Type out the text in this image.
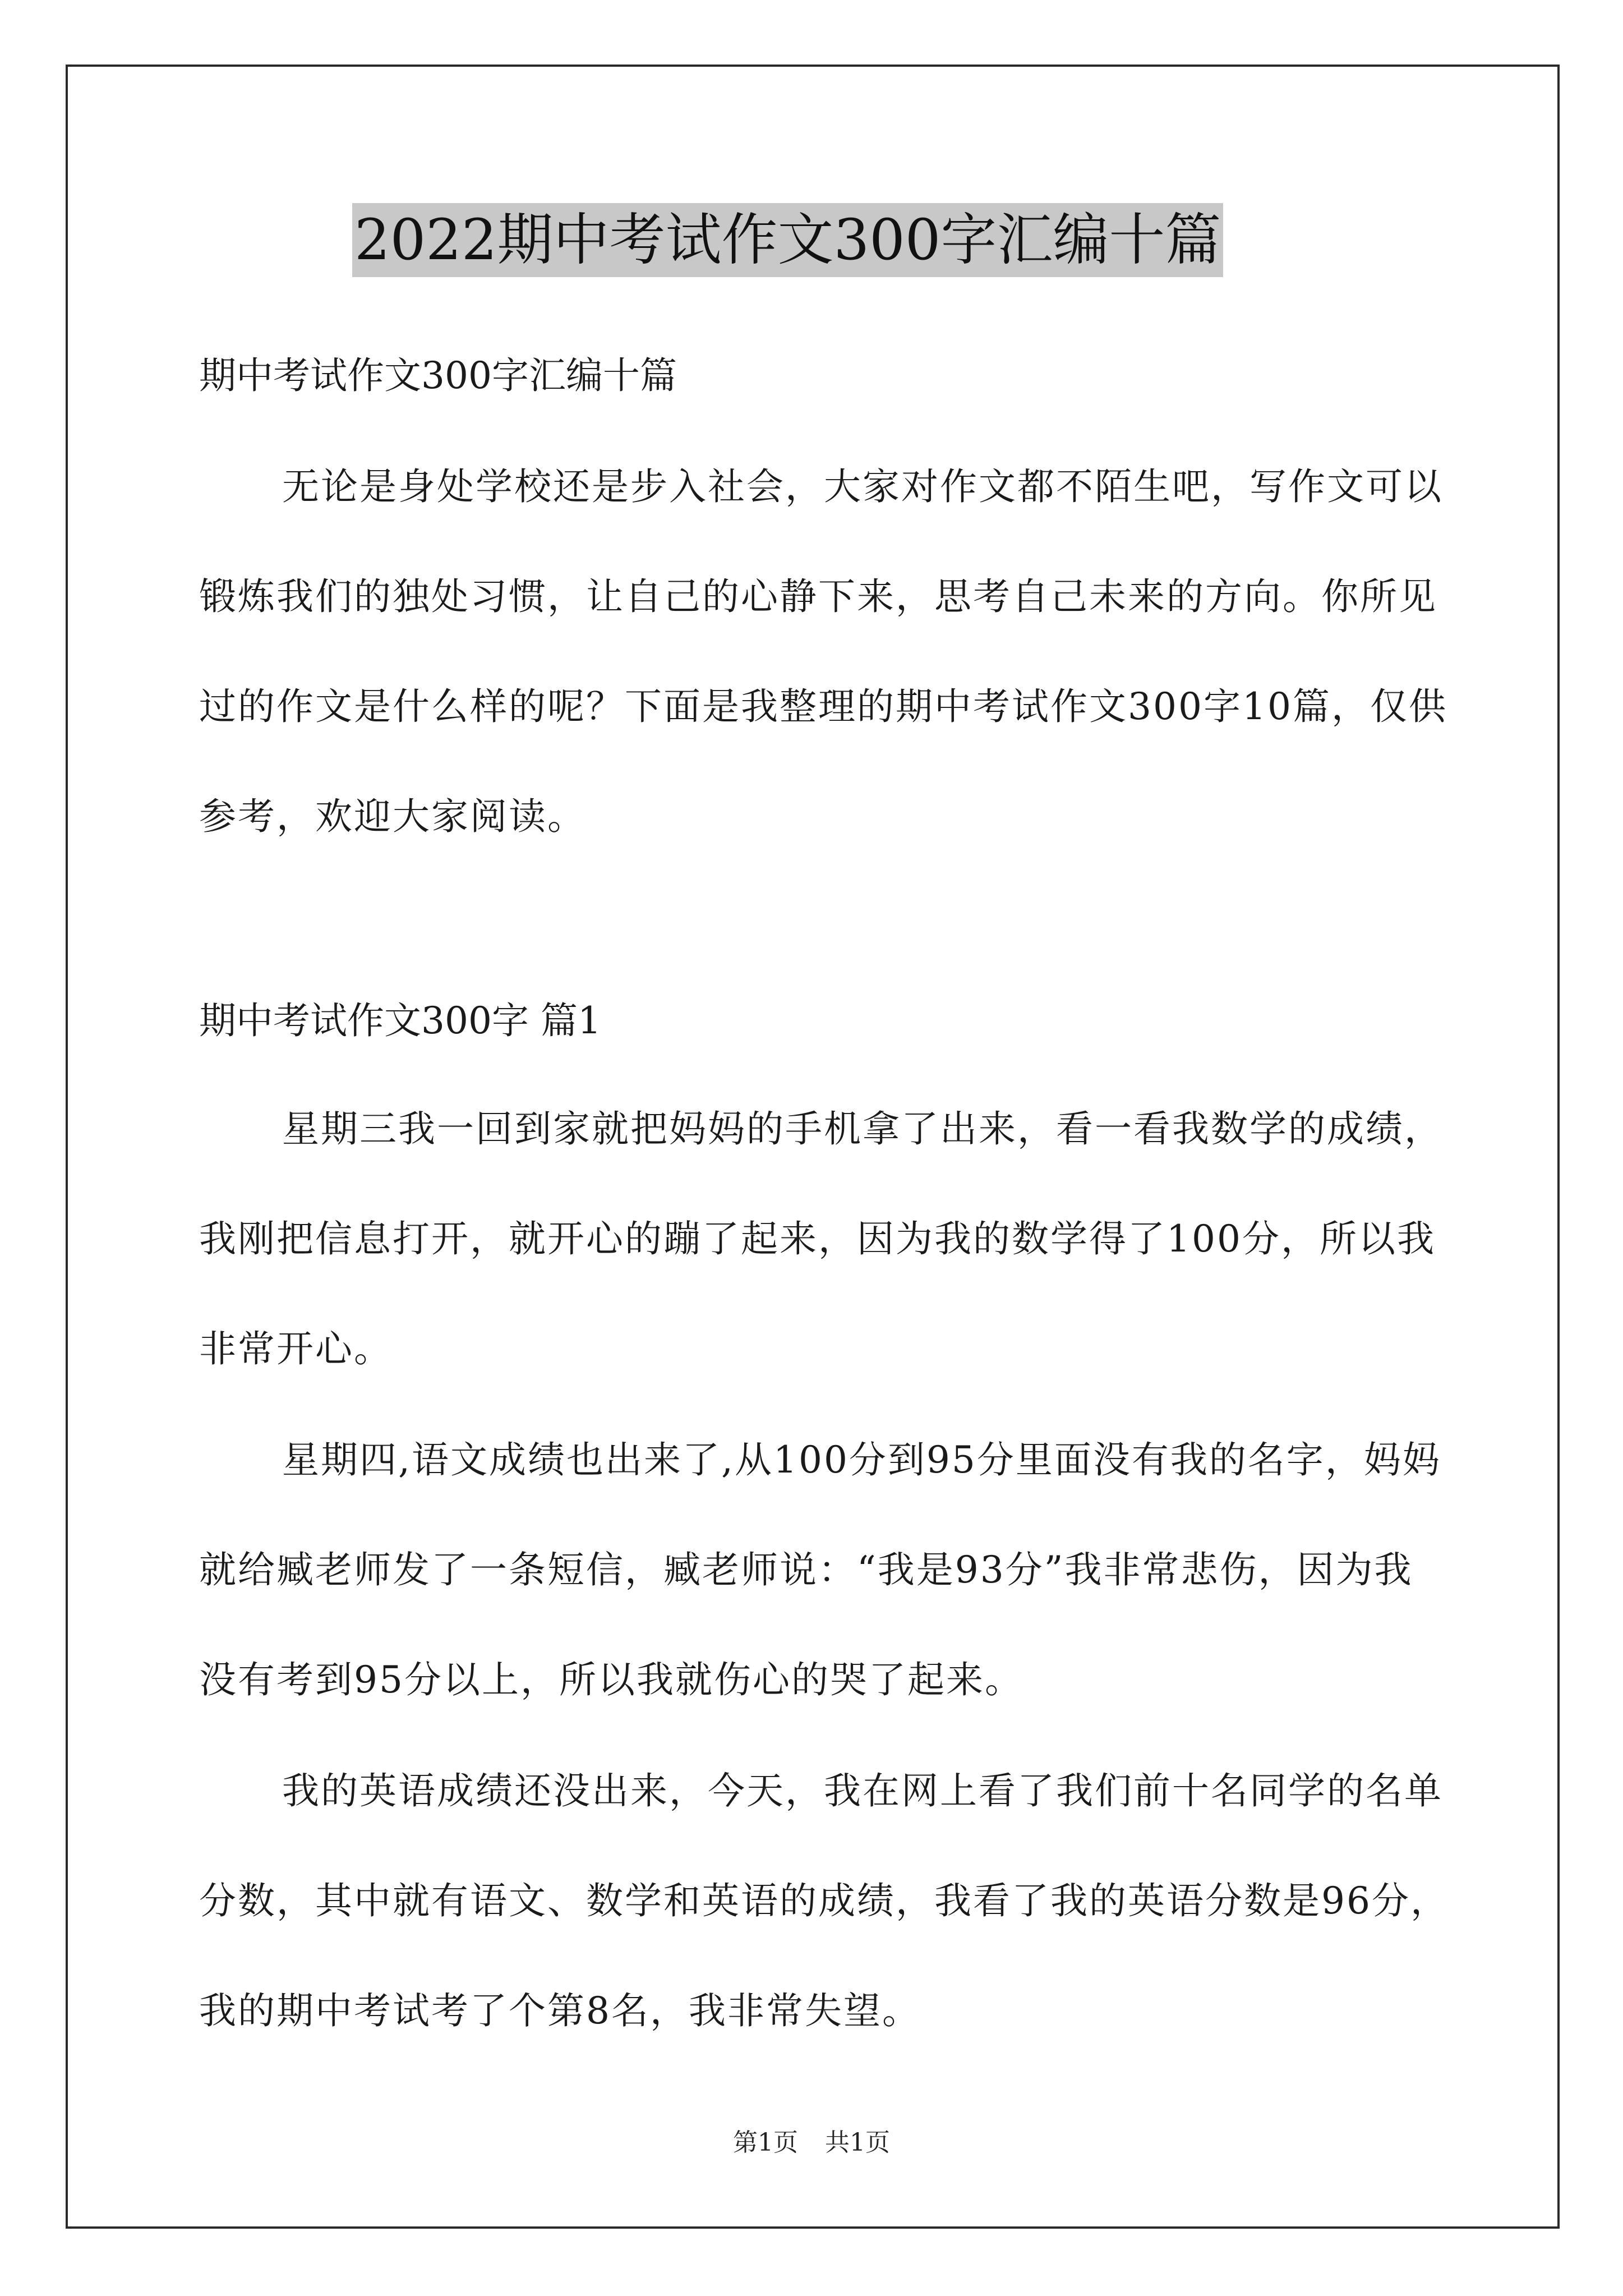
2022期中考试作文300字汇编十篇
期中考试作文300字汇编十篇

无论是身处学校还是步入社会，大家对作文都不陌生吧，写作文可以锻炼我们的独处习惯，让自己的心静下来，思考自己未来的方向。你所见过的作文是什么样的呢？下面是我整理的期中考试作文300字10篇，仅供参考，欢迎大家阅读。

期中考试作文300字 篇1

星期三我一回到家就把妈妈的手机拿了出来，看一看我数学的成绩，我刚把信息打开，就开心的蹦了起来，因为我的数学得了100分，所以我非常开心。

星期四,语文成绩也出来了,从100分到95分里面没有我的名字，妈妈就给臧老师发了一条短信，臧老师说：“我是93分”我非常悲伤，因为我没有考到95分以上，所以我就伤心的哭了起来。

我的英语成绩还没出来，今天，我在网上看了我们前十名同学的名单分数，其中就有语文、数学和英语的成绩，我看了我的英语分数是96分，我的期中考试考了个第8名，我非常失望。

第1页 共1页
